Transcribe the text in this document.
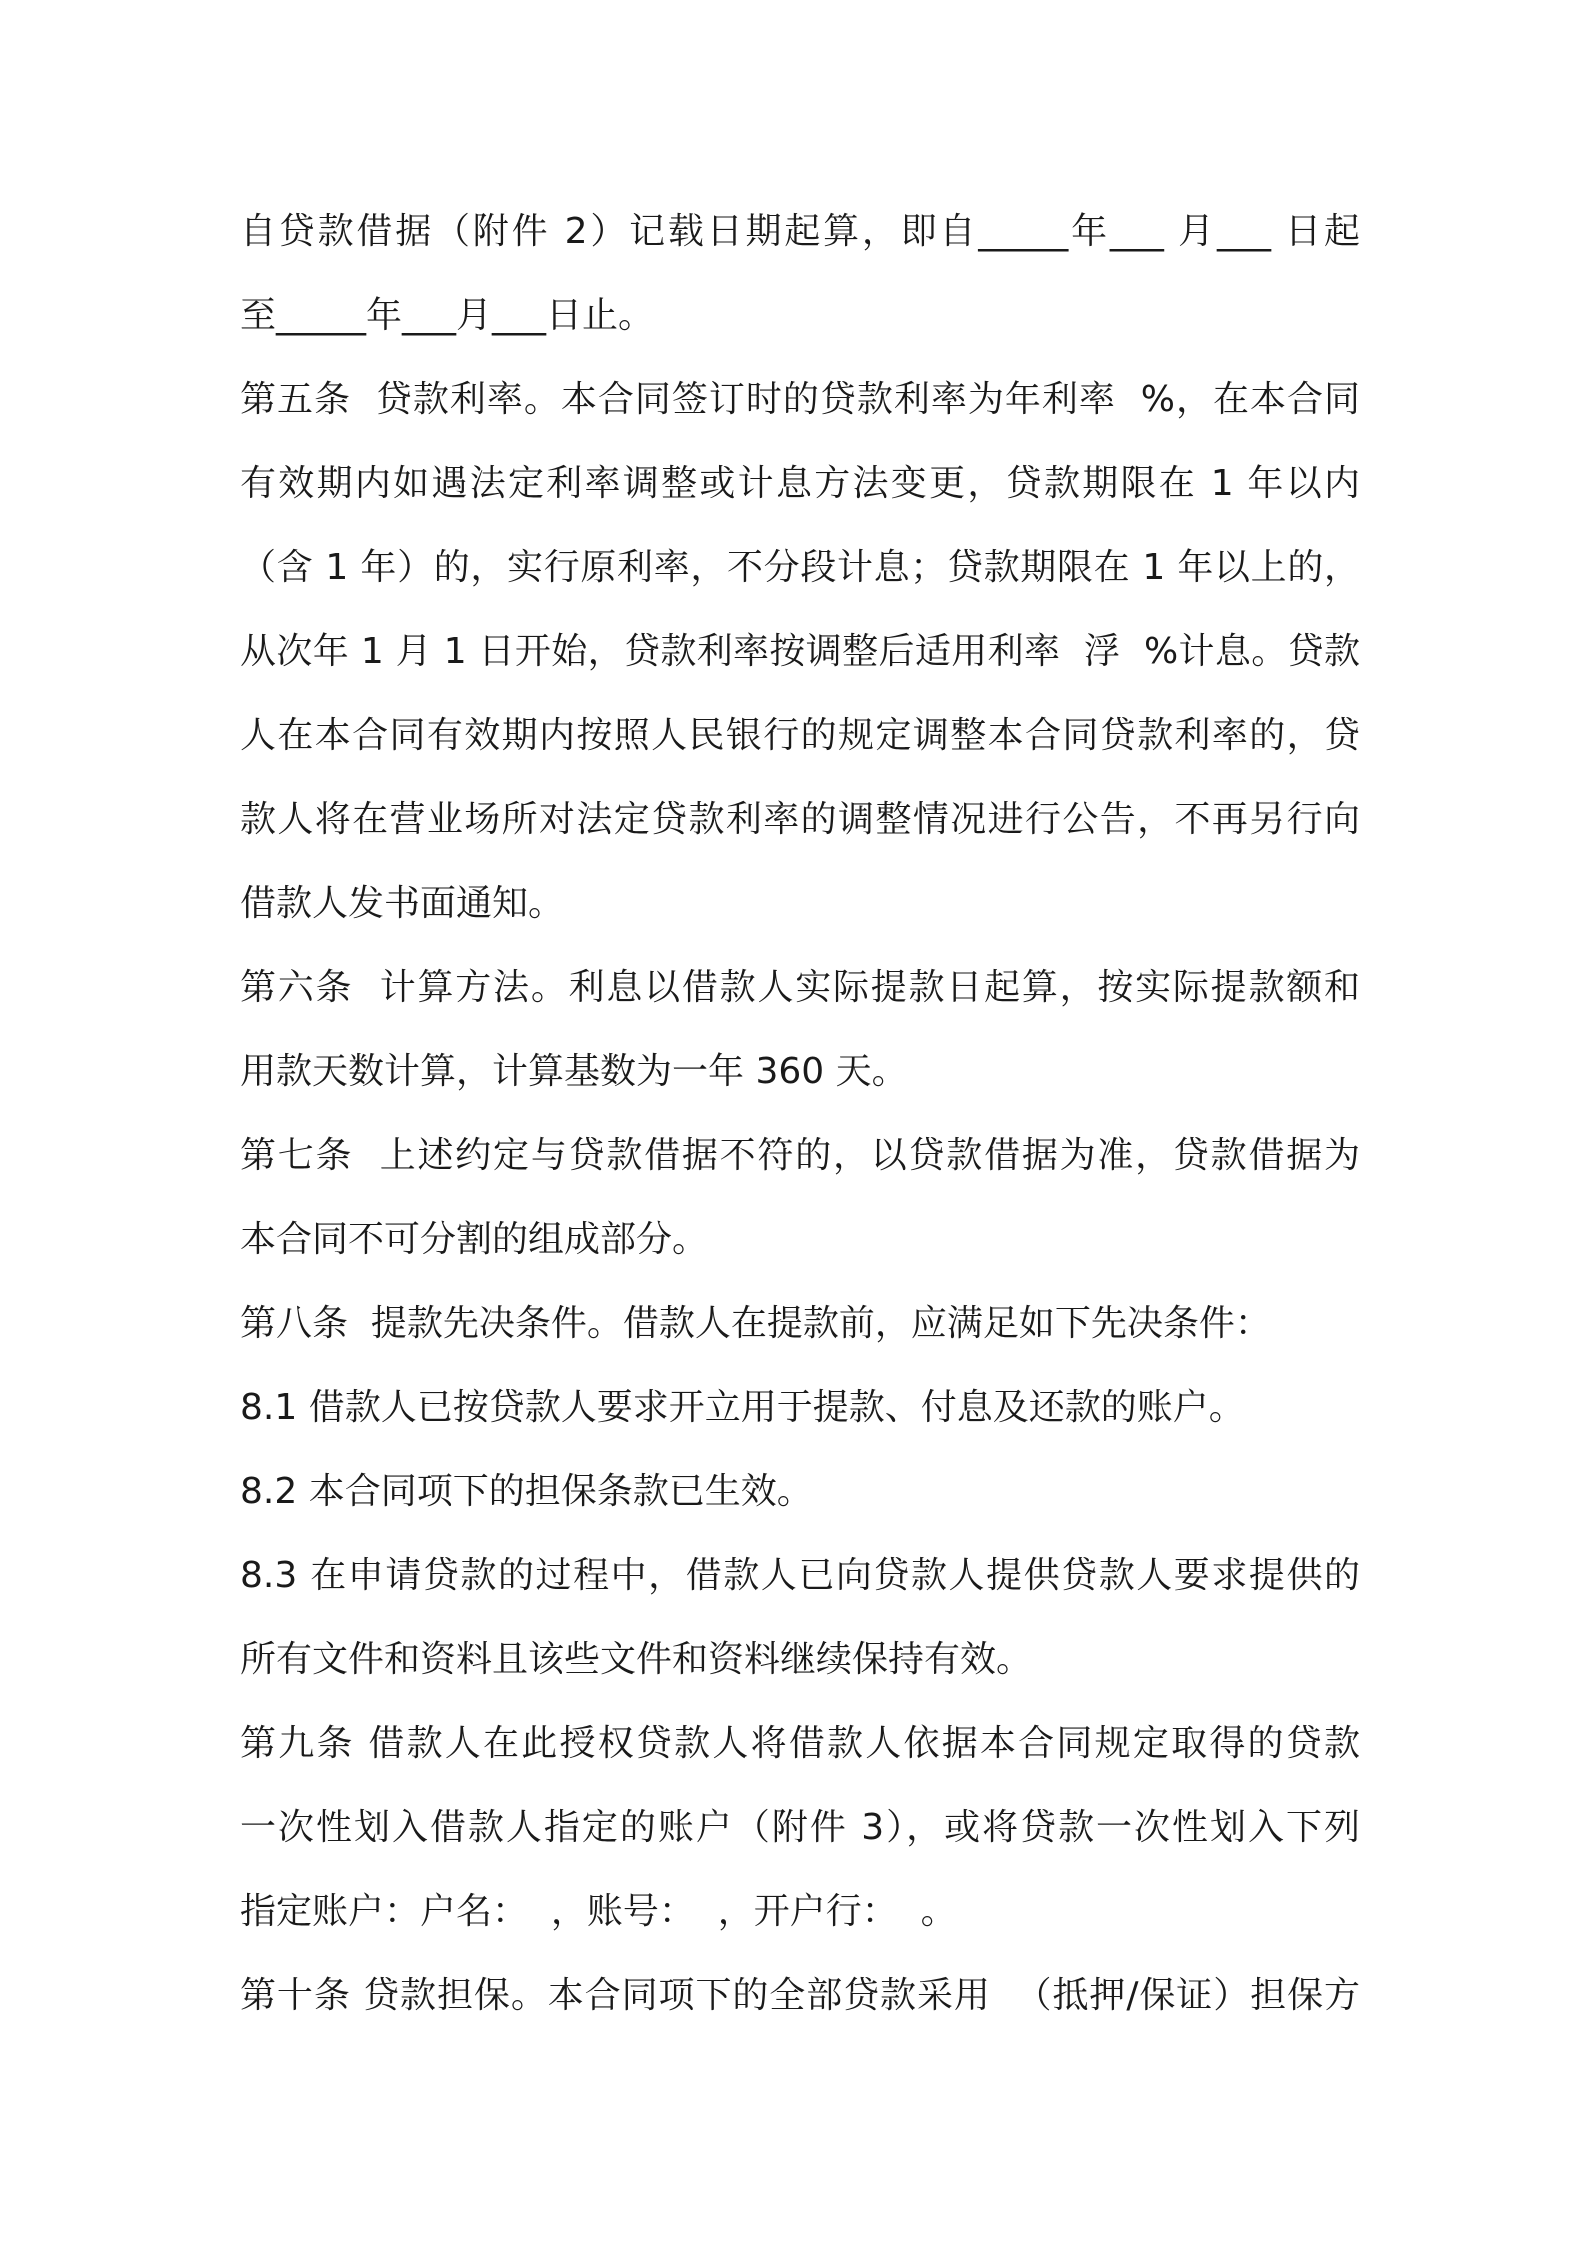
自贷款借据（附件 2）记载日期起算，即自_____年___ 月___ 日起
至_____年___月___日止。
第五条  贷款利率。本合同签订时的贷款利率为年利率  %，在本合同
有效期内如遇法定利率调整或计息方法变更，贷款期限在 1 年以内
（含 1 年）的，实行原利率，不分段计息；贷款期限在 1 年以上的，
从次年 1 月 1 日开始，贷款利率按调整后适用利率  浮  %计息。贷款
人在本合同有效期内按照人民银行的规定调整本合同贷款利率的，贷
款人将在营业场所对法定贷款利率的调整情况进行公告，不再另行向
借款人发书面通知。
第六条  计算方法。利息以借款人实际提款日起算，按实际提款额和
用款天数计算，计算基数为一年 360 天。
第七条  上述约定与贷款借据不符的，以贷款借据为准，贷款借据为
本合同不可分割的组成部分。
第八条  提款先决条件。借款人在提款前，应满足如下先决条件：
8.1 借款人已按贷款人要求开立用于提款、付息及还款的账户。
8.2 本合同项下的担保条款已生效。
8.3 在申请贷款的过程中，借款人已向贷款人提供贷款人要求提供的
所有文件和资料且该些文件和资料继续保持有效。
第九条 借款人在此授权贷款人将借款人依据本合同规定取得的贷款
一次性划入借款人指定的账户（附件 3），或将贷款一次性划入下列
指定账户：户名：  ，账号：  ，开户行：  。
第十条 贷款担保。本合同项下的全部贷款采用  （抵押/保证）担保方
